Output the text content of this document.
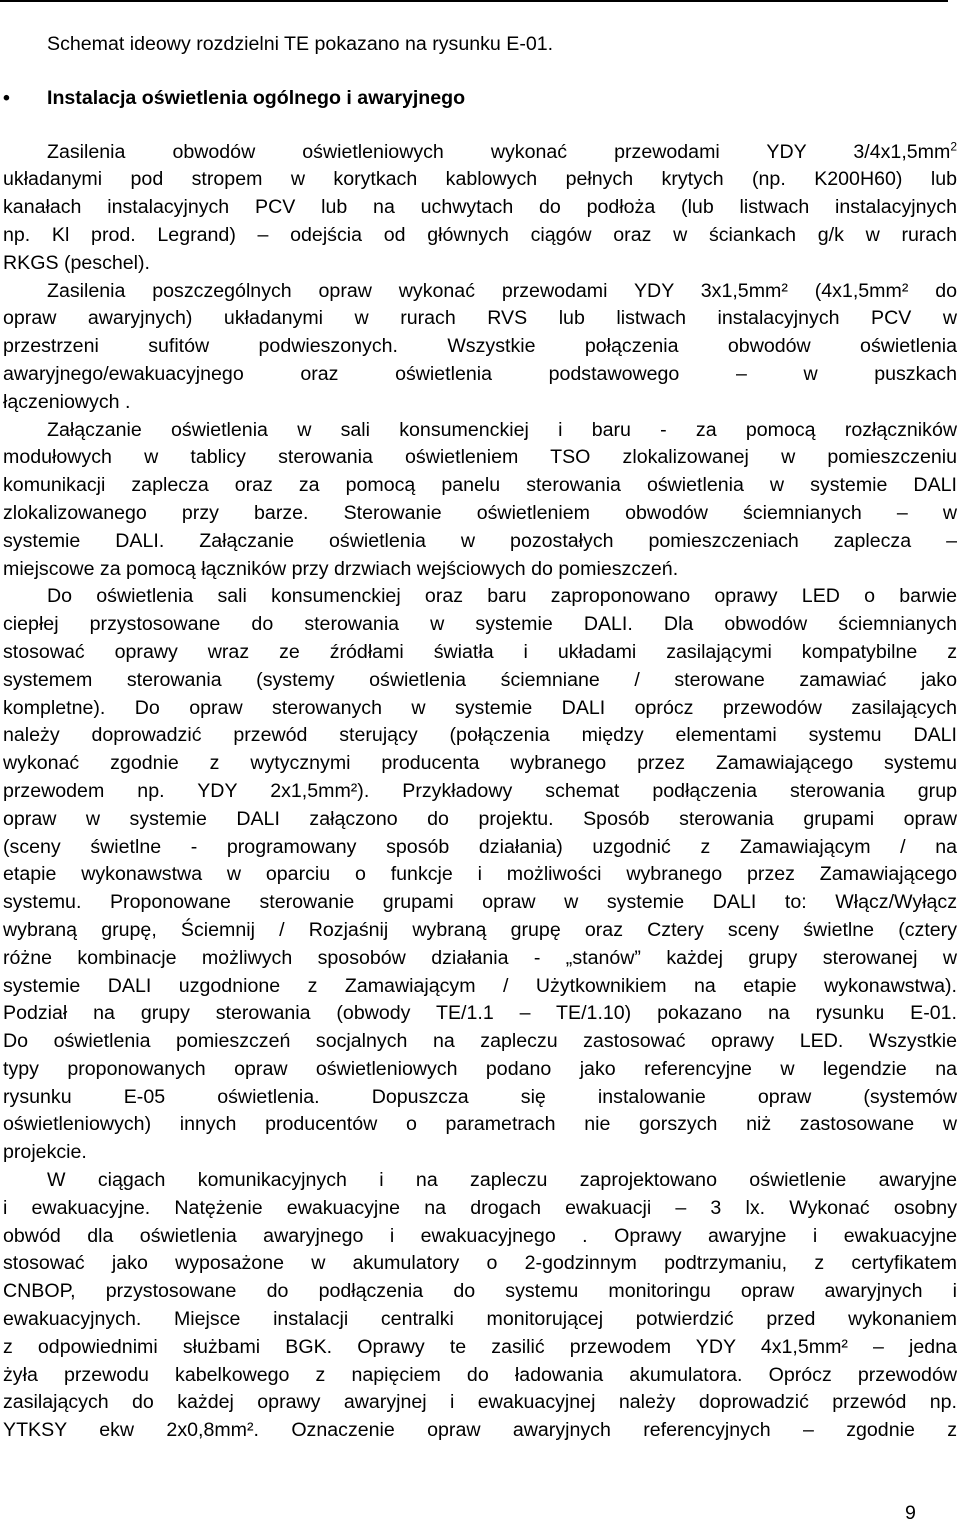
Schemat ideowy rozdzielni TE pokazano na rysunku E-01.
• Instalacja oświetlenia ogólnego i awaryjnego
Zasilenia obwodów oświetleniowych wykonać przewodami YDY $3/4x1,5mm^2$
układanymi pod stropem w korytkach kablowych pełnych krytych (np. K200H60) lub
kanałach instalacyjnych PCV lub na uchwytach do podłoża (lub listwach instalacyjnych
np. Kl prod. Legrand) – odejścia od głównych ciągów oraz w ściankach g/k w rurach
RKGS (peschel).
Zasilenia poszczególnych opraw wykonać przewodami YDY 3x1,5mm² (4x1,5mm² do
opraw awaryjnych) układanymi w rurach RVS lub listwach instalacyjnych PCV w
przestrzeni sufitów podwieszonych. Wszystkie połączenia obwodów oświetlenia
awaryjnego/ewakuacyjnego oraz oświetlenia podstawowego – w puszkach
łączeniowych .
Załączanie oświetlenia w sali konsumenckiej i baru - za pomocą rozłączników
modułowych w tablicy sterowania oświetleniem TSO zlokalizowanej w pomieszczeniu
komunikacji zaplecza oraz za pomocą panelu sterowania oświetlenia w systemie DALI
zlokalizowanego przy barze. Sterowanie oświetleniem obwodów ściemnianych – w
systemie DALI. Załączanie oświetlenia w pozostałych pomieszczeniach zaplecza –
miejscowe za pomocą łączników przy drzwiach wejściowych do pomieszczeń.
Do oświetlenia sali konsumenckiej oraz baru zaproponowano oprawy LED o barwie
ciepłej przystosowane do sterowania w systemie DALI. Dla obwodów ściemnianych
stosować oprawy wraz ze źródłami światła i układami zasilającymi kompatybilne z
systemem sterowania (systemy oświetlenia ściemniane / sterowane zamawiać jako
kompletne). Do opraw sterowanych w systemie DALI oprócz przewodów zasilających
należy doprowadzić przewód sterujący (połączenia między elementami systemu DALI
wykonać zgodnie z wytycznymi producenta wybranego przez Zamawiającego systemu
przewodem np. YDY 2x1,5mm²). Przykładowy schemat podłączenia sterowania grup
opraw w systemie DALI załączono do projektu. Sposób sterowania grupami opraw
(sceny świetlne - programowany sposób działania) uzgodnić z Zamawiającym / na
etapie wykonawstwa w oparciu o funkcje i możliwości wybranego przez Zamawiającego
systemu. Proponowane sterowanie grupami opraw w systemie DALI to: Włącz/Wyłącz
wybraną grupę, Ściemnij / Rozjaśnij wybraną grupę oraz Cztery sceny świetlne (cztery
różne kombinacje możliwych sposobów działania - „stanów” każdej grupy sterowanej w
systemie DALI uzgodnione z Zamawiającym / Użytkownikiem na etapie wykonawstwa).
Podział na grupy sterowania (obwody TE/1.1 – TE/1.10) pokazano na rysunku E-01.
Do oświetlenia pomieszczeń socjalnych na zapleczu zastosować oprawy LED. Wszystkie
typy proponowanych opraw oświetleniowych podano jako referencyjne w legendzie na
rysunku E-05 oświetlenia. Dopuszcza się instalowanie opraw (systemów
oświetleniowych) innych producentów o parametrach nie gorszych niż zastosowane w
projekcie.
W ciągach komunikacyjnych i na zapleczu zaprojektowano oświetlenie awaryjne
i ewakuacyjne. Natężenie ewakuacyjne na drogach ewakuacji – 3 lx. Wykonać osobny
obwód dla oświetlenia awaryjnego i ewakuacyjnego . Oprawy awaryjne i ewakuacyjne
stosować jako wyposażone w akumulatory o 2-godzinnym podtrzymaniu, z certyfikatem
CNBOP, przystosowane do podłączenia do systemu monitoringu opraw awaryjnych i
ewakuacyjnych. Miejsce instalacji centralki monitorującej potwierdzić przed wykonaniem
z odpowiednimi służbami BGK. Oprawy te zasilić przewodem YDY 4x1,5mm² – jedna
żyła przewodu kabelkowego z napięciem do ładowania akumulatora. Oprócz przewodów
zasilających do każdej oprawy awaryjnej i ewakuacyjnej należy doprowadzić przewód np.
YTKSY ekw 2x0,8mm². Oznaczenie opraw awaryjnych referencyjnych – zgodnie z
9
